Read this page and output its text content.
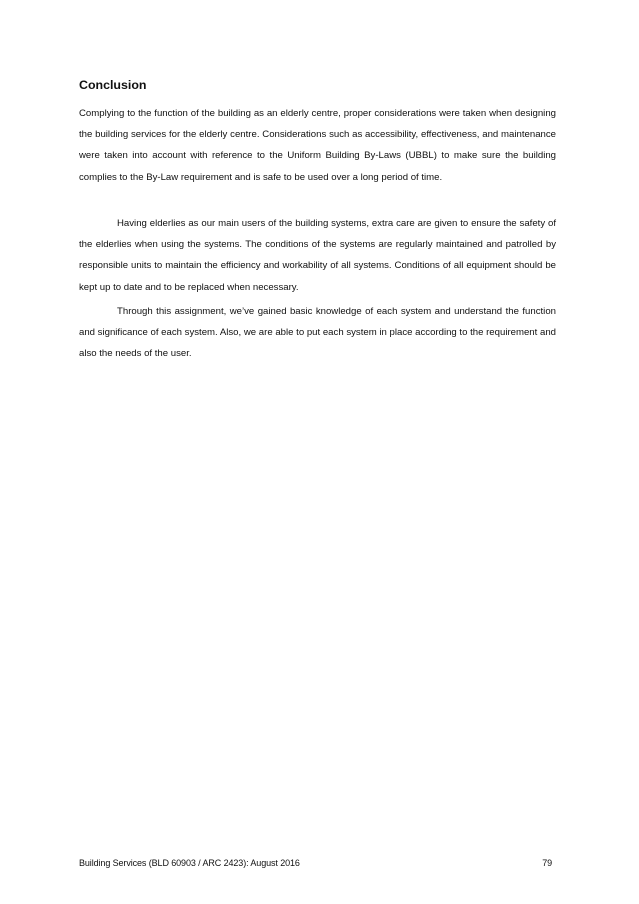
Conclusion

Complying to the function of the building as an elderly centre, proper considerations were taken when designing the building services for the elderly centre. Considerations such as accessibility, effectiveness, and maintenance were taken into account with reference to the Uniform Building By-Laws (UBBL) to make sure the building complies to the By-Law requirement and is safe to be used over a long period of time.

Having elderlies as our main users of the building systems, extra care are given to ensure the safety of the elderlies when using the systems. The conditions of the systems are regularly maintained and patrolled by responsible units to maintain the efficiency and workability of all systems. Conditions of all equipment should be kept up to date and to be replaced when necessary.

Through this assignment, we’ve gained basic knowledge of each system and understand the function and significance of each system. Also, we are able to put each system in place according to the requirement and also the needs of the user.

Building Services (BLD 60903 / ARC 2423): August 2016	79
